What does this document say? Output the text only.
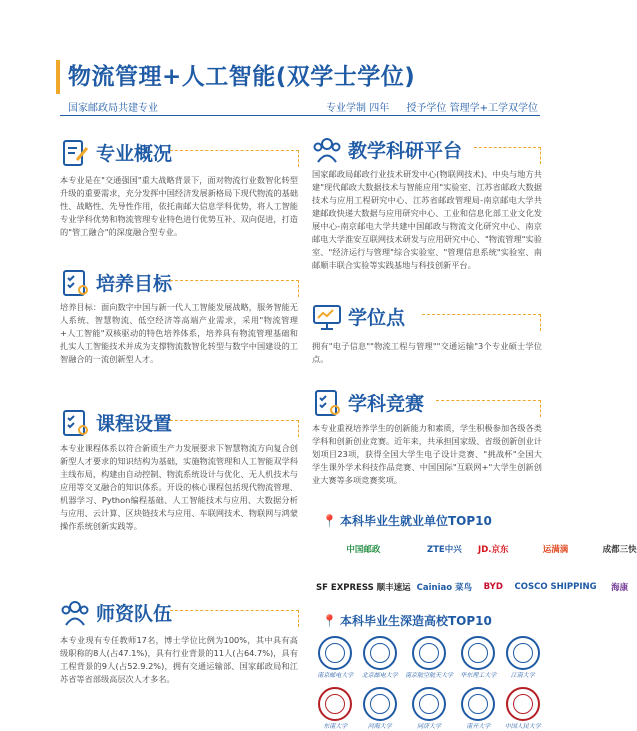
物流管理+人工智能(双学士学位)
国家邮政局共建专业	专业学制 四年 授予学位 管理学+工学双学位
专业概况
本专业是在"交通强国"重大战略背景下，面对物流行业数智化转型升级的重要需求，充分发挥中国经济发展新格局下现代物流的基础性、战略性、先导性作用，依托南邮大信息学科优势，将人工智能专业学科优势和物流管理专业特色进行优势互补、双向促进，打造的"管工融合"的深度融合型专业。
培养目标
培养目标：面向数字中国与新一代人工智能发展战略，服务智能无人系统、智慧物流、低空经济等高端产业需求，采用"物流管理+人工智能"双核驱动的特色培养体系，培养具有物流管理基础和扎实人工智能技术并成为支撑物流数智化转型与数字中国建设的工智融合的一流创新型人才。
课程设置
本专业课程体系以符合新质生产力发展要求下智慧物流方向复合创新型人才要求的知识结构为基础，实施物流管理和人工智能双学科主线布局，构建由自动控制、物流系统设计与优化、无人机技术与应用等交叉融合的知识体系。开设的核心课程包括现代物流管理、机器学习、Python编程基础、人工智能技术与应用、大数据分析与应用、云计算、区块链技术与应用、车联网技术、物联网与鸿蒙操作系统创新实践等。
师资队伍
本专业现有专任教师17名，博士学位比例为100%，其中具有高级职称的8人(占47.1%)，具有行业背景的11人(占64.7%)，具有工程背景的9人(占52.9.2%)，拥有交通运输部、国家邮政局和江苏省等省部级高层次人才多名。
教学科研平台
国家邮政局邮政行业技术研发中心(物联网技术)、中央与地方共建"现代邮政大数据技术与智能应用"实验室、江苏省邮政大数据技术与应用工程研究中心、江苏省邮政管理局-南京邮电大学共建邮政快递大数据与应用研究中心、工业和信息化部工业文化发展中心-南京邮电大学共建中国邮政与物流文化研究中心、南京邮电大学淮安互联网技术研发与应用研究中心、"物流管理"实验室、"经济运行与管理"综合实验室、"管理信息系统"实验室、南邮顺丰联合实验等实践基地与科技创新平台。
学位点
拥有"电子信息""物流工程与管理""交通运输"3个专业硕士学位点。
学科竞赛
本专业重视培养学生的创新能力和素质，学生积极参加各级各类学科和创新创业竞赛。近年来，共承担国家级、省级创新创业计划项目23项，获得全国大学生电子设计竞赛、"挑战杯"全国大学生课外学术科技作品竞赛、中国国际"互联网+"大学生创新创业大赛等多项竞赛奖项。
📍 本科毕业生就业单位TOP10
中国邮政	ZTE中兴	JD.京东	运满满	成都三快
SF EXPRESS 顺丰速运 Cainiao 菜鸟	BYD	COSCO SHIPPING	海康
📍 本科毕业生深造高校TOP10
南京邮电大学 北京邮电大学 南京航空航天大学 华东理工大学	江南大学
东南大学	河海大学	同济大学	南开大学	中国人民大学
